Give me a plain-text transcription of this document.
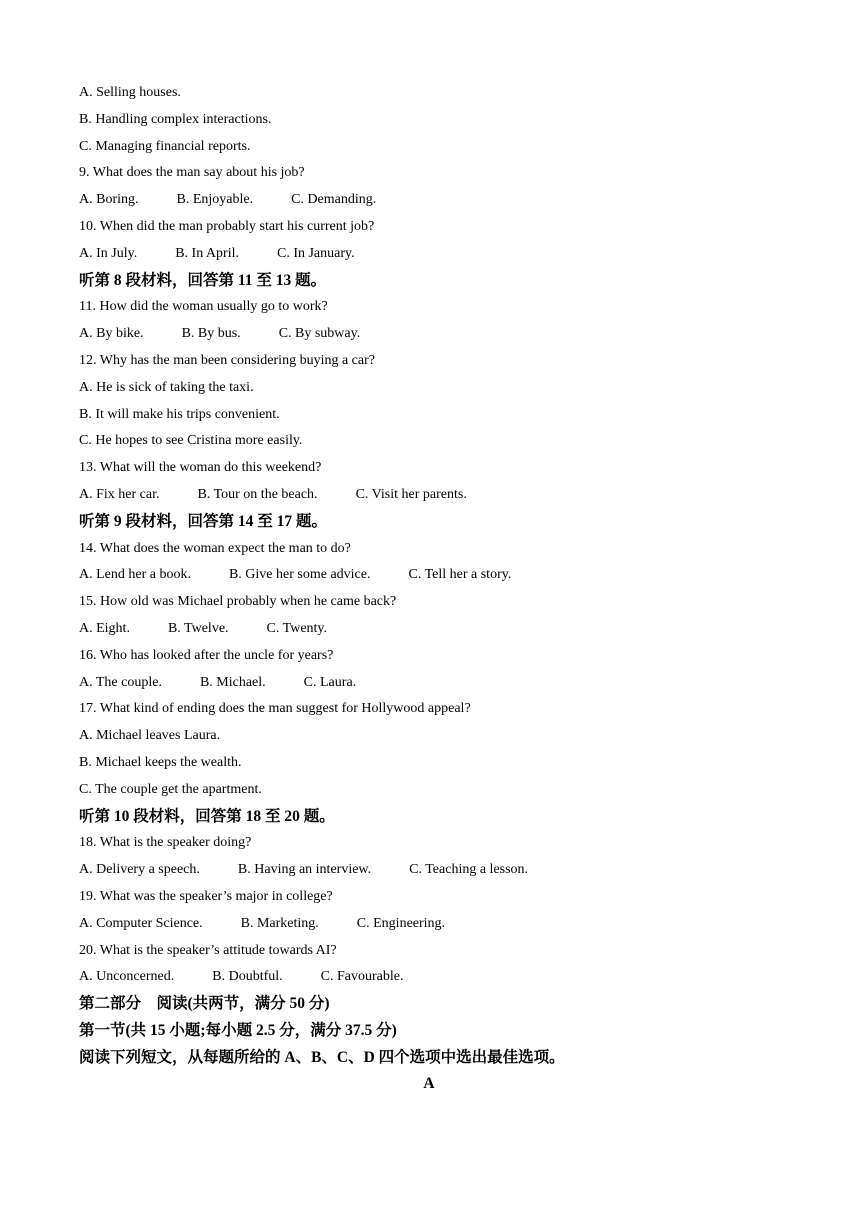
A. Selling houses.
B. Handling complex interactions.
C. Managing financial reports.
9. What does the man say about his job?
A. Boring.	B. Enjoyable.	C. Demanding.
10. When did the man probably start his current job?
A. In July.	B. In April.	C. In January.
听第 8 段材料，回答第 11 至 13 题。
11. How did the woman usually go to work?
A. By bike.	B. By bus.	C. By subway.
12. Why has the man been considering buying a car?
A. He is sick of taking the taxi.
B. It will make his trips convenient.
C. He hopes to see Cristina more easily.
13. What will the woman do this weekend?
A. Fix her car.	B. Tour on the beach.	C. Visit her parents.
听第 9 段材料，回答第 14 至 17 题。
14. What does the woman expect the man to do?
A. Lend her a book.	B. Give her some advice.	C. Tell her a story.
15. How old was Michael probably when he came back?
A. Eight.	B. Twelve.	C. Twenty.
16. Who has looked after the uncle for years?
A. The couple.	B. Michael.	C. Laura.
17. What kind of ending does the man suggest for Hollywood appeal?
A. Michael leaves Laura.
B. Michael keeps the wealth.
C. The couple get the apartment.
听第 10 段材料，回答第 18 至 20 题。
18. What is the speaker doing?
A. Delivery a speech.	B. Having an interview.	C. Teaching a lesson.
19. What was the speaker’s major in college?
A. Computer Science.	B. Marketing.	C. Engineering.
20. What is the speaker’s attitude towards AI?
A. Unconcerned.	B. Doubtful.	C. Favourable.
第二部分　阅读(共两节，满分 50 分)
第一节(共 15 小题;每小题 2.5 分，满分 37.5 分)
阅读下列短文，从每题所给的 A、B、C、D 四个选项中选出最佳选项。
A
